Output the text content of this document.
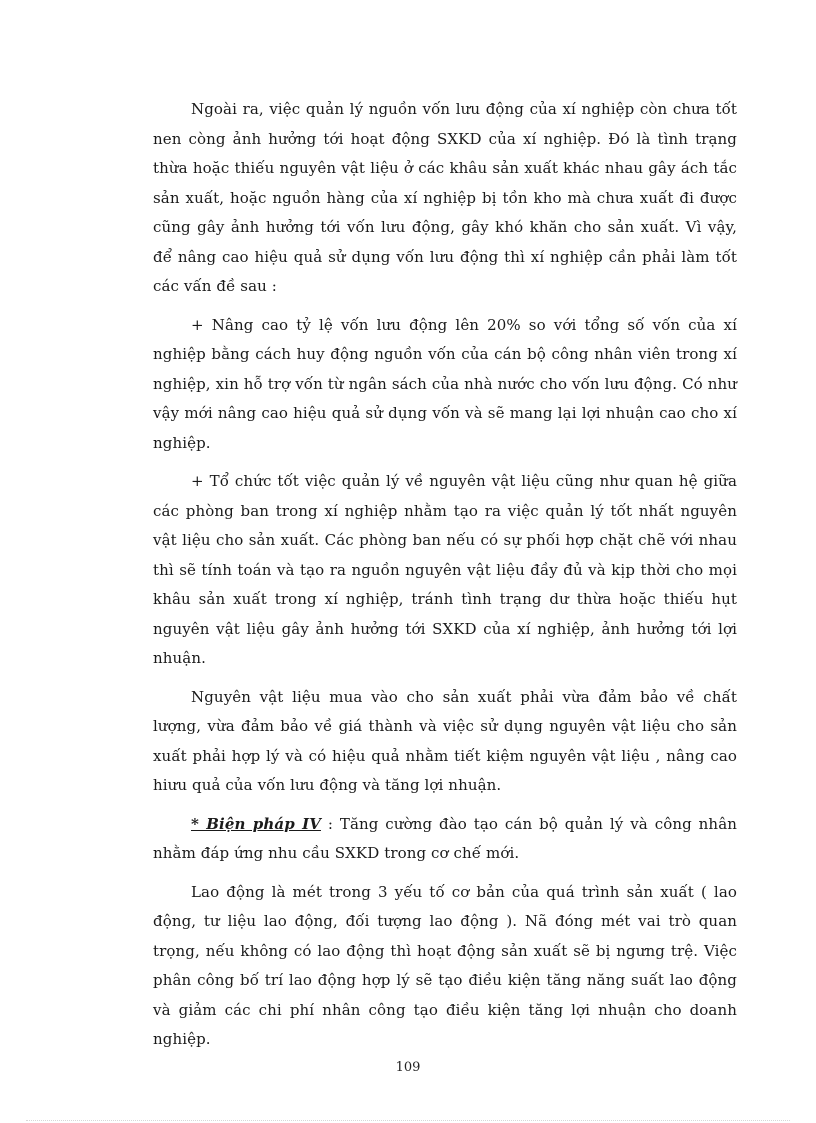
Ngoài ra, việc quản lý nguồn vốn lưu động của xí nghiệp còn chưa tốt nen còng ảnh hưởng tới hoạt động SXKD của xí nghiệp. Đó là tình trạng thừa hoặc thiếu nguyên vật liệu ở các khâu sản xuất khác nhau gây ách tắc sản xuất, hoặc nguồn hàng của xí nghiệp bị tồn kho mà chưa xuất đi được cũng gây ảnh hưởng tới vốn lưu động, gây khó khăn cho sản xuất. Vì vậy, để nâng cao hiệu quả sử dụng vốn lưu động thì xí nghiệp cần phải làm tốt các vấn đề sau :

+ Nâng cao tỷ lệ vốn lưu động lên 20% so với tổng số vốn của xí nghiệp bằng cách huy động nguồn vốn của cán bộ công nhân viên trong xí nghiệp, xin hỗ trợ vốn từ ngân sách của nhà nước cho vốn lưu động. Có như vậy mới nâng cao hiệu quả sử dụng vốn và sẽ mang lại lợi nhuận cao cho xí nghiệp.

+ Tổ chức tốt việc quản lý về nguyên vật liệu cũng như quan hệ giữa các phòng ban trong xí nghiệp nhằm tạo ra việc quản lý tốt nhất nguyên vật liệu cho sản xuất. Các phòng ban nếu có sự phối hợp chặt chẽ với nhau thì sẽ tính toán và tạo ra nguồn nguyên vật liệu đầy đủ và kịp thời cho mọi khâu sản xuất trong xí nghiệp, tránh tình trạng dư thừa hoặc thiếu hụt nguyên vật liệu gây ảnh hưởng tới SXKD của xí nghiệp, ảnh hưởng tới lợi nhuận.

Nguyên vật liệu mua vào cho sản xuất phải vừa đảm bảo về chất lượng, vừa đảm bảo về giá thành và việc sử dụng nguyên vật liệu cho sản xuất phải hợp lý và có hiệu quả nhằm tiết kiệm nguyên vật liệu , nâng cao hiưu quả của vốn lưu động và tăng lợi nhuận.

* Biện pháp IV : Tăng cường đào tạo cán bộ quản lý và công nhân nhằm đáp ứng nhu cầu SXKD trong cơ chế mới.

Lao động là mét trong 3 yếu tố cơ bản của quá trình sản xuất ( lao động, tư liệu lao động, đối tượng lao động ). Nã đóng mét vai trò quan trọng, nếu không có lao động thì hoạt động sản xuất sẽ bị ngưng trệ. Việc phân công bố trí lao động hợp lý sẽ tạo điều kiện tăng năng suất lao động và giảm các chi phí nhân công tạo điều kiện tăng lợi nhuận cho doanh nghiệp.

109
